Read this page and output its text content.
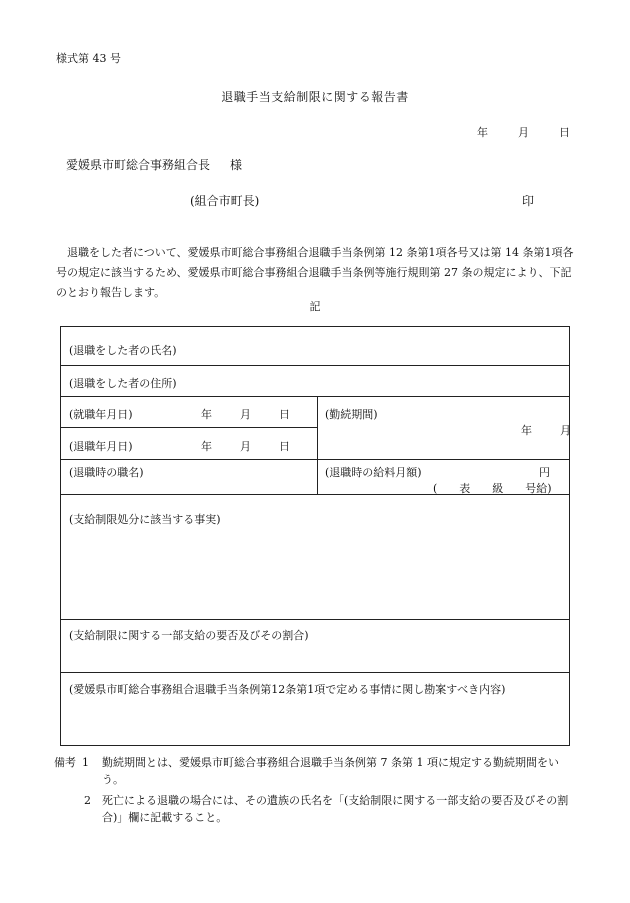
様式第 43 号
退職手当支給制限に関する報告書
年	月	日
愛媛県市町総合事務組合長 様
(組合市町長)	印
退職をした者について、愛媛県市町総合事務組合退職手当条例第 12 条第1項各号又は第 14 条第1項各号の規定に該当するため、愛媛県市町総合事務組合退職手当条例等施行規則第 27 条の規定により、下記のとおり報告します。
記
(退職をした者の氏名)
(退職をした者の住所)
(就職年月日)	年	月	日
(退職年月日)	年	月	日
(勤続期間)
年	月
(退職時の職名)	(退職時の給料月額)	円
(　　表　　級　　号給)
(支給制限処分に該当する事実)
(支給制限に関する一部支給の要否及びその割合)
(愛媛県市町総合事務組合退職手当条例第12条第1項で定める事情に関し勘案すべき内容)
備考 1 勤続期間とは、愛媛県市町総合事務組合退職手当条例第 7 条第 1 項に規定する勤続期間をいう。
2 死亡による退職の場合には、その遺族の氏名を「(支給制限に関する一部支給の要否及びその割合)」欄に記載すること。
